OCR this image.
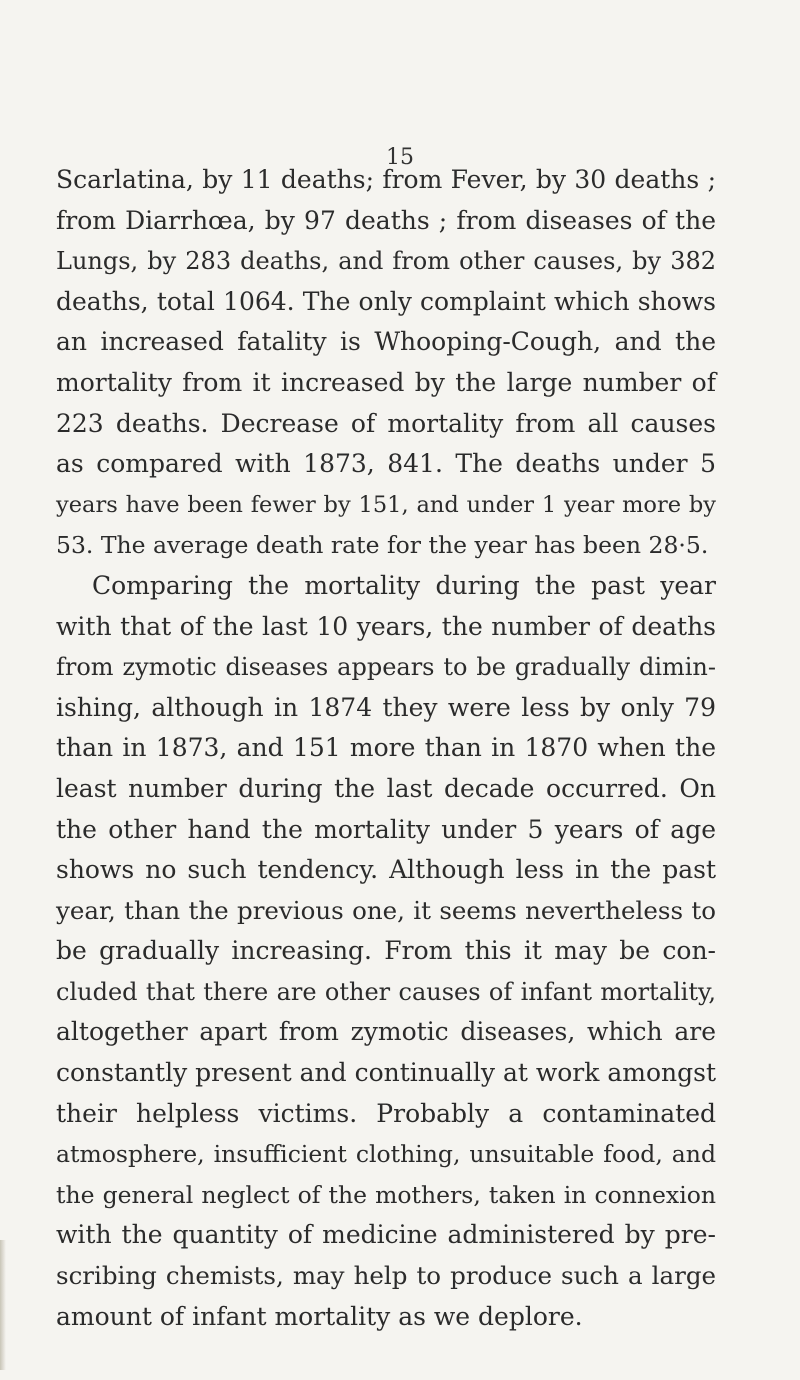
15
Scarlatina, by 11 deaths; from Fever, by 30 deaths ;
from Diarrhœa, by 97 deaths ; from diseases of the
Lungs, by 283 deaths, and from other causes, by 382
deaths, total 1064. The only complaint which shows
an increased fatality is Whooping-Cough, and the
mortality from it increased by the large number of
223 deaths. Decrease of mortality from all causes
as compared with 1873, 841. The deaths under 5
years have been fewer by 151, and under 1 year more by
53. The average death rate for the year has been 28·5.
Comparing the mortality during the past year
with that of the last 10 years, the number of deaths
from zymotic diseases appears to be gradually dimin-
ishing, although in 1874 they were less by only 79
than in 1873, and 151 more than in 1870 when the
least number during the last decade occurred. On
the other hand the mortality under 5 years of age
shows no such tendency. Although less in the past
year, than the previous one, it seems nevertheless to
be gradually increasing. From this it may be con-
cluded that there are other causes of infant mortality,
altogether apart from zymotic diseases, which are
constantly present and continually at work amongst
their helpless victims. Probably a contaminated
atmosphere, insufficient clothing, unsuitable food, and
the general neglect of the mothers, taken in connexion
with the quantity of medicine administered by pre-
scribing chemists, may help to produce such a large
amount of infant mortality as we deplore.
